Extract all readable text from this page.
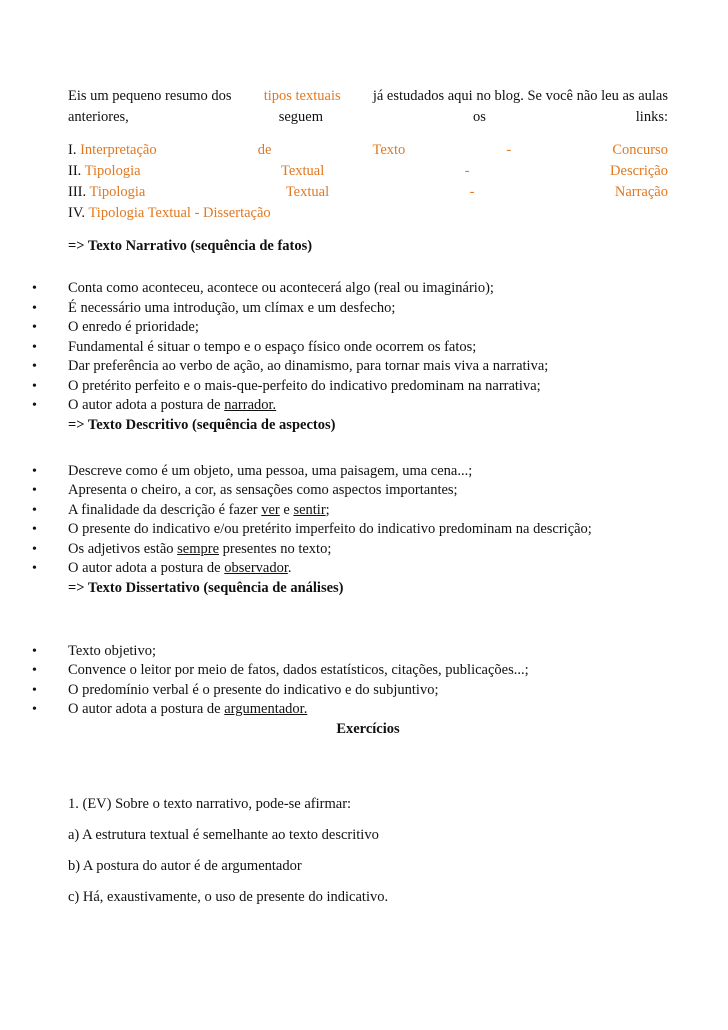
Eis um pequeno resumo dos tipos textuais já estudados aqui no blog. Se você não leu as aulas
anteriores,	seguem	os	links:
I. Interpretação	de	Texto	-	Concurso
II. Tipologia	Textual	-	Descrição
III. Tipologia	Textual	-	Narração
IV. Tipologia Textual - Dissertação
=> Texto Narrativo (sequência de fatos)
• Conta como aconteceu, acontece ou acontecerá algo (real ou imaginário);
• É necessário uma introdução, um clímax e um desfecho;
• O enredo é prioridade;
• Fundamental é situar o tempo e o espaço físico onde ocorrem os fatos;
• Dar preferência ao verbo de ação, ao dinamismo, para tornar mais viva a narrativa;
• O pretérito perfeito e o mais-que-perfeito do indicativo predominam na narrativa;
• O autor adota a postura de narrador.
=> Texto Descritivo (sequência de aspectos)
• Descreve como é um objeto, uma pessoa, uma paisagem, uma cena...;
• Apresenta o cheiro, a cor, as sensações como aspectos importantes;
• A finalidade da descrição é fazer ver e sentir;
• O presente do indicativo e/ou pretérito imperfeito do indicativo predominam na descrição;
• Os adjetivos estão sempre presentes no texto;
• O autor adota a postura de observador.
=> Texto Dissertativo (sequência de análises)
• Texto objetivo;
• Convence o leitor por meio de fatos, dados estatísticos, citações, publicações...;
• O predomínio verbal é o presente do indicativo e do subjuntivo;
• O autor adota a postura de argumentador.
Exercícios
1. (EV) Sobre o texto narrativo, pode-se afirmar:
a) A estrutura textual é semelhante ao texto descritivo
b) A postura do autor é de argumentador
c) Há, exaustivamente, o uso de presente do indicativo.
